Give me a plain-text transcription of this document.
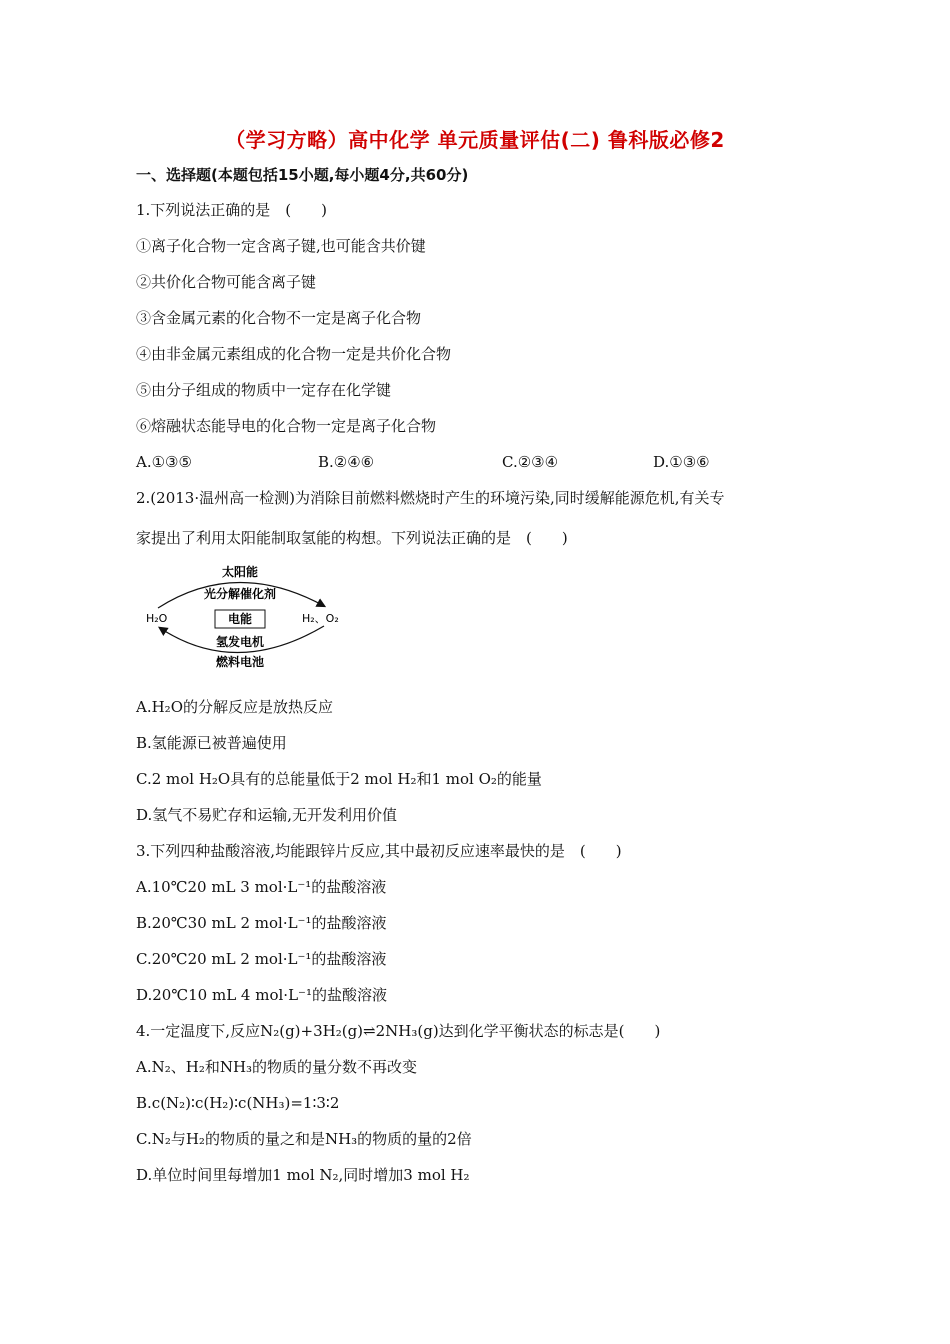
（学习方略）高中化学 单元质量评估(二) 鲁科版必修2
一、选择题(本题包括15小题,每小题4分,共60分)
1.下列说法正确的是　(　　)
①离子化合物一定含离子键,也可能含共价键
②共价化合物可能含离子键
③含金属元素的化合物不一定是离子化合物
④由非金属元素组成的化合物一定是共价化合物
⑤由分子组成的物质中一定存在化学键
⑥熔融状态能导电的化合物一定是离子化合物
A.①③⑤	B.②④⑥	C.②③④	D.①③⑥
2.(2013·温州高一检测)为消除目前燃料燃烧时产生的环境污染,同时缓解能源危机,有关专
家提出了利用太阳能制取氢能的构想。下列说法正确的是　(　　)
太阳能
光分解催化剂
电能
氢发电机
燃料电池
H₂O	H₂、O₂
A.H₂O的分解反应是放热反应
B.氢能源已被普遍使用
C.2 mol H₂O具有的总能量低于2 mol H₂和1 mol O₂的能量
D.氢气不易贮存和运输,无开发利用价值
3.下列四种盐酸溶液,均能跟锌片反应,其中最初反应速率最快的是　(　　)
A.10℃20 mL 3 mol·L⁻¹的盐酸溶液
B.20℃30 mL 2 mol·L⁻¹的盐酸溶液
C.20℃20 mL 2 mol·L⁻¹的盐酸溶液
D.20℃10 mL 4 mol·L⁻¹的盐酸溶液
4.一定温度下,反应N₂(g)+3H₂(g)⇌2NH₃(g)达到化学平衡状态的标志是(　　)
A.N₂、H₂和NH₃的物质的量分数不再改变
B.c(N₂)∶c(H₂)∶c(NH₃)=1∶3∶2
C.N₂与H₂的物质的量之和是NH₃的物质的量的2倍
D.单位时间里每增加1 mol N₂,同时增加3 mol H₂
